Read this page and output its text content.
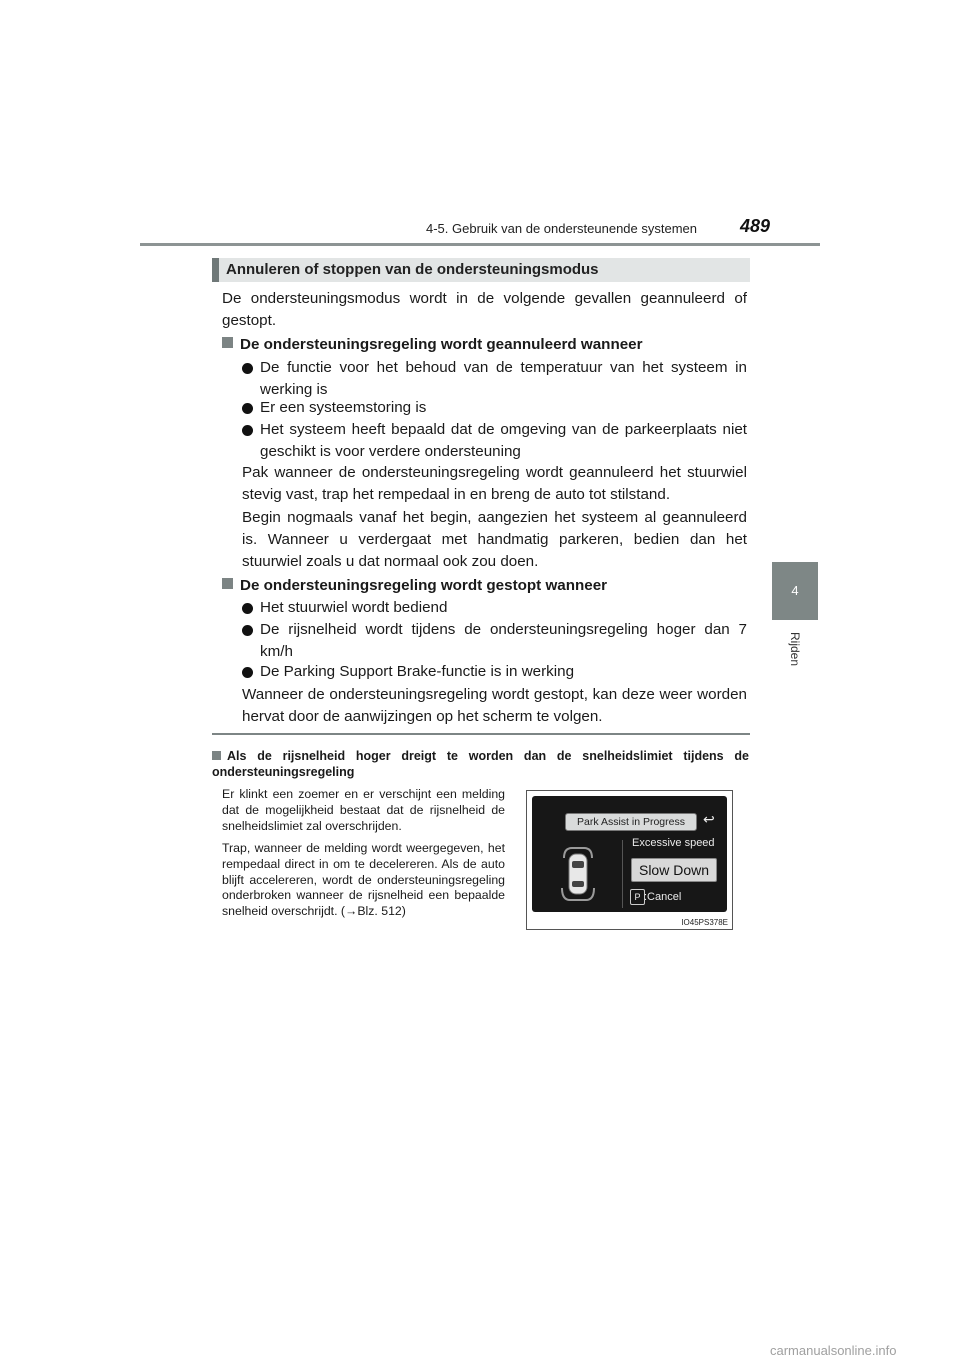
4-5. Gebruik van de ondersteunende systemen 489
4
Rijden
Annuleren of stoppen van de ondersteuningsmodus
De ondersteuningsmodus wordt in de volgende gevallen geannuleerd of gestopt.
De ondersteuningsregeling wordt geannuleerd wanneer
De functie voor het behoud van de temperatuur van het systeem in werking is
Er een systeemstoring is
Het systeem heeft bepaald dat de omgeving van de parkeerplaats niet geschikt is voor verdere ondersteuning
Pak wanneer de ondersteuningsregeling wordt geannuleerd het stuurwiel stevig vast, trap het rempedaal in en breng de auto tot stilstand.
Begin nogmaals vanaf het begin, aangezien het systeem al geannuleerd is. Wanneer u verdergaat met handmatig parkeren, bedien dan het stuurwiel zoals u dat normaal ook zou doen.
De ondersteuningsregeling wordt gestopt wanneer
Het stuurwiel wordt bediend
De rijsnelheid wordt tijdens de ondersteuningsregeling hoger dan 7 km/h
De Parking Support Brake-functie is in werking
Wanneer de ondersteuningsregeling wordt gestopt, kan deze weer worden hervat door de aanwijzingen op het scherm te volgen.
Als de rijsnelheid hoger dreigt te worden dan de snelheidslimiet tijdens de ondersteuningsregeling
Er klinkt een zoemer en er verschijnt een melding dat de mogelijkheid bestaat dat de rijsnelheid de snelheidslimiet zal overschrijden.
Trap, wanneer de melding wordt weergegeven, het rempedaal direct in om te decelereren. Als de auto blijft accelereren, wordt de ondersteuningsregeling onderbroken wanneer de rijsnelheid een bepaalde snelheid overschrijdt. (→Blz. 512)
Park Assist in Progress	↩
Excessive speed
Slow Down
P :Cancel
IO45PS378E
carmanualsonline.info
